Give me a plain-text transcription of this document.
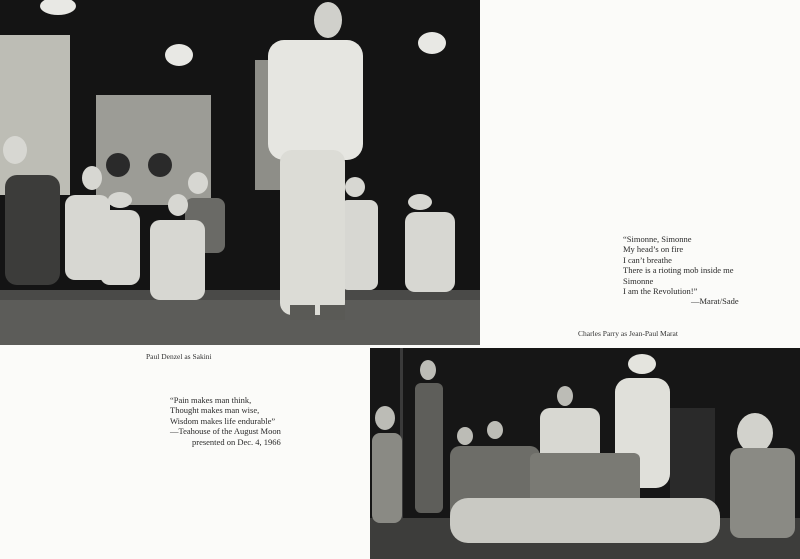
Paul Denzel as Sakini
“Simonne, Simonne
My head’s on fire
I can’t breathe
There is a rioting mob inside me
Simonne
I am the Revolution!”
—Marat/Sade
Charles Parry as Jean-Paul Marat
“Pain makes man think,
Thought makes man wise,
Wisdom makes life endurable”
—Teahouse of the August Moon
presented on Dec. 4, 1966
